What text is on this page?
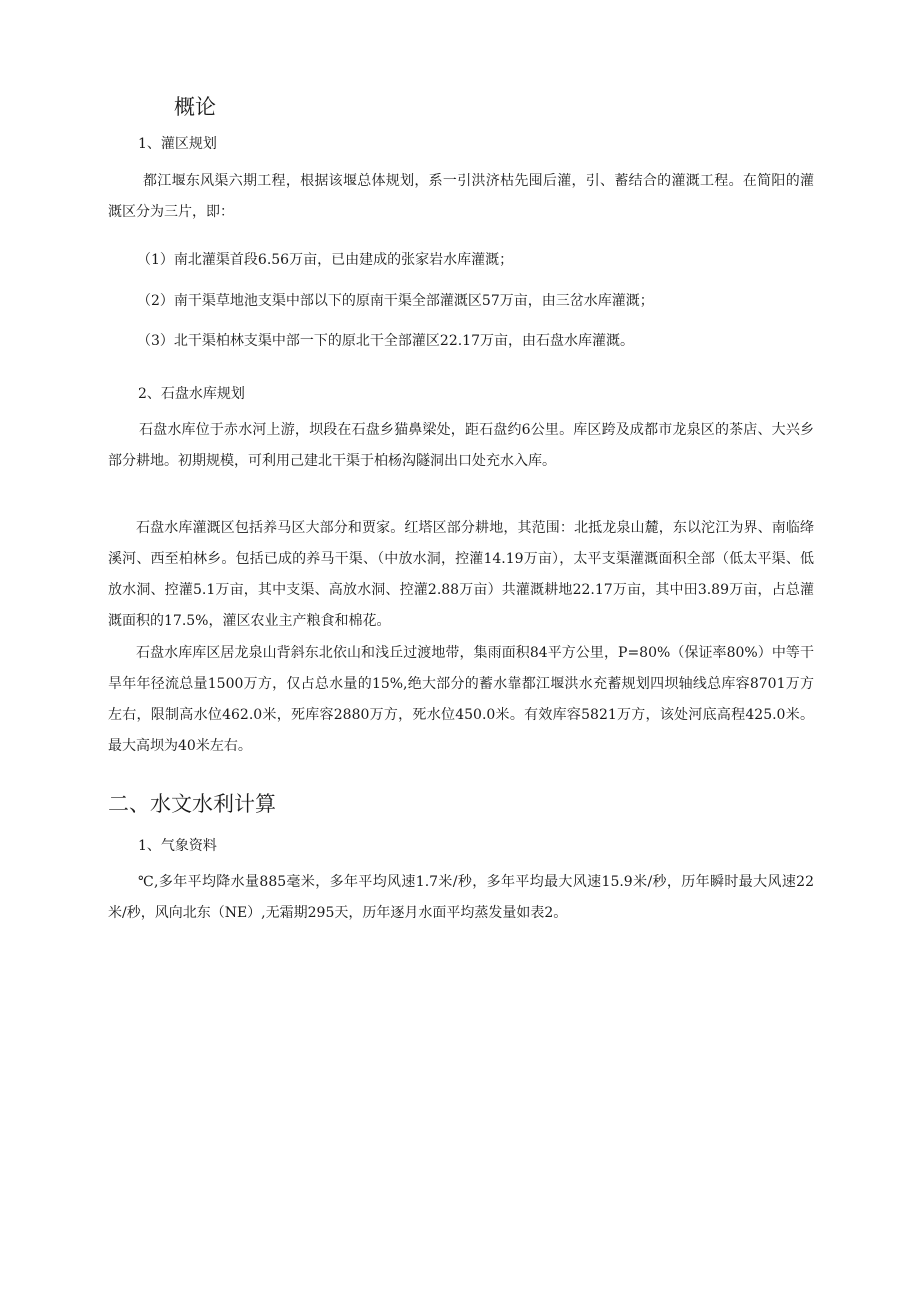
概论
1、灌区规划

都江堰东风渠六期工程，根据该堰总体规划，系一引洪济枯先囤后灌，引、蓄结合的灌溉工程。在简阳的灌溉区分为三片，即：

（1）南北灌渠首段6.56万亩，已由建成的张家岩水库灌溉；

（2）南干渠草地池支渠中部以下的原南干渠全部灌溉区57万亩，由三岔水库灌溉；

（3）北干渠柏林支渠中部一下的原北干全部灌区22.17万亩，由石盘水库灌溉。

2、石盘水库规划

石盘水库位于赤水河上游，坝段在石盘乡猫鼻梁处，距石盘约6公里。库区跨及成都市龙泉区的茶店、大兴乡部分耕地。初期规模，可利用己建北干渠于柏杨沟隧洞出口处充水入库。

石盘水库灌溉区包括养马区大部分和贾家。红塔区部分耕地，其范围：北抵龙泉山麓，东以沱江为界、南临绛溪河、西至柏林乡。包括已成的养马干渠、（中放水洞，控灌14.19万亩），太平支渠灌溉面积全部（低太平渠、低放水洞、控灌5.1万亩，其中支渠、高放水洞、控灌2.88万亩）共灌溉耕地22.17万亩，其中田3.89万亩，占总灌溉面积的17.5%，灌区农业主产粮食和棉花。

石盘水库库区居龙泉山背斜东北依山和浅丘过渡地带，集雨面积84平方公里，P=80%（保证率80%）中等干旱年年径流总量1500万方，仅占总水量的15%,绝大部分的蓄水靠都江堰洪水充蓄规划四坝轴线总库容8701万方左右，限制高水位462.0米，死库容2880万方，死水位450.0米。有效库容5821万方，该处河底高程425.0米。最大高坝为40米左右。

二、水文水利计算
1、气象资料

℃,多年平均降水量885毫米，多年平均风速1.7米/秒，多年平均最大风速15.9米/秒，历年瞬时最大风速22米/秒，风向北东（NE）,无霜期295天，历年逐月水面平均蒸发量如表2。
